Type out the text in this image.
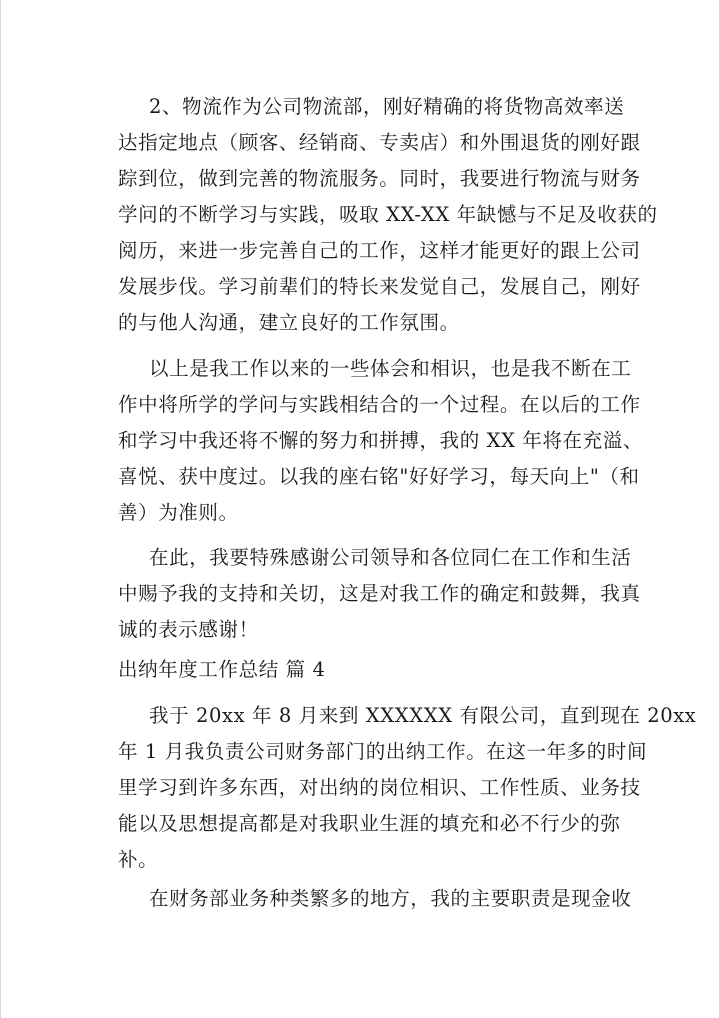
2、物流作为公司物流部，刚好精确的将货物高效率送
达指定地点（顾客、经销商、专卖店）和外围退货的刚好跟
踪到位，做到完善的物流服务。同时，我要进行物流与财务
学问的不断学习与实践，吸取 XX-XX 年缺憾与不足及收获的
阅历，来进一步完善自己的工作，这样才能更好的跟上公司
发展步伐。学习前辈们的特长来发觉自己，发展自己，刚好
的与他人沟通，建立良好的工作氛围。
以上是我工作以来的一些体会和相识，也是我不断在工
作中将所学的学问与实践相结合的一个过程。在以后的工作
和学习中我还将不懈的努力和拼搏，我的 XX 年将在充溢、
喜悦、获中度过。以我的座右铭"好好学习，每天向上"（和
善）为准则。
在此，我要特殊感谢公司领导和各位同仁在工作和生活
中赐予我的支持和关切，这是对我工作的确定和鼓舞，我真
诚的表示感谢！
出纳年度工作总结 篇 4
我于 20xx 年 8 月来到 XXXXXX 有限公司，直到现在 20xx
年 1 月我负责公司财务部门的出纳工作。在这一年多的时间
里学习到许多东西，对出纳的岗位相识、工作性质、业务技
能以及思想提高都是对我职业生涯的填充和必不行少的弥
补。
在财务部业务种类繁多的地方，我的主要职责是现金收
